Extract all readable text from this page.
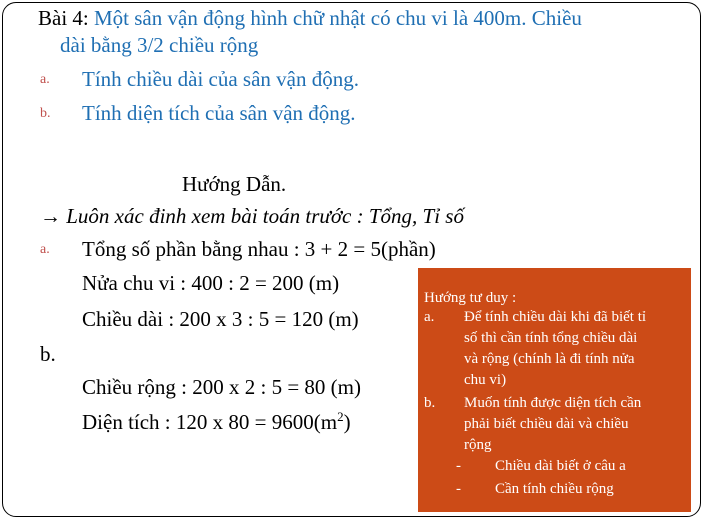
Bài 4: Một sân vận động hình chữ nhật có chu vi là 400m. Chiều
dài bằng 3/2 chiều rộng
a. Tính chiều dài của sân vận động.
b. Tính diện tích của sân vận động.
Hướng Dẫn.
→ Luôn xác đinh xem bài toán trước : Tổng, Tỉ số
a. Tổng số phần bằng nhau : 3 + 2 = 5(phần)
Nửa chu vi : 400 : 2 = 200 (m)
Chiều dài : 200 x 3 : 5 = 120 (m)
b.
Chiều rộng : 200 x 2 : 5 = 80 (m)
Diện tích : 120 x $80 = 9600(m^2)$
Hướng tư duy :
a. Để tính chiều dài khi đã biết tỉ
số thì cần tính tổng chiều dài
và rộng (chính là đi tính nửa
chu vi)
b. Muốn tính được diện tích cần
phải biết chiều dài và chiều
rộng
- Chiều dài biết ở câu a
- Cần tính chiều rộng
